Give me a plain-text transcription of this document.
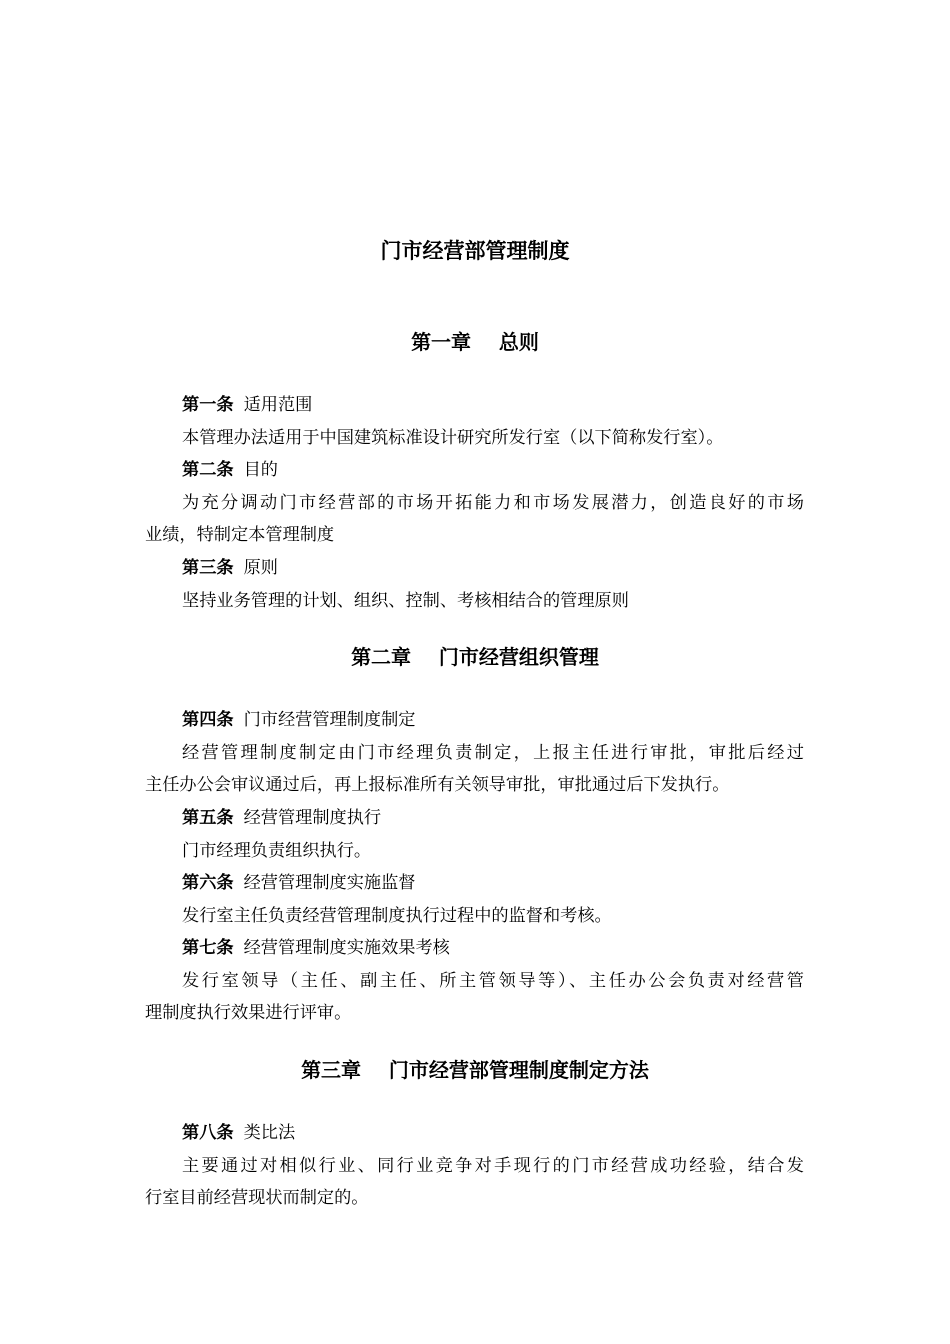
门市经营部管理制度
第一章    总则
第一条 适用范围
本管理办法适用于中国建筑标准设计研究所发行室（以下简称发行室）。
第二条 目的
为充分调动门市经营部的市场开拓能力和市场发展潜力，创造良好的市场
业绩，特制定本管理制度
第三条 原则
坚持业务管理的计划、组织、控制、考核相结合的管理原则
第二章    门市经营组织管理
第四条 门市经营管理制度制定
经营管理制度制定由门市经理负责制定，上报主任进行审批，审批后经过
主任办公会审议通过后，再上报标准所有关领导审批，审批通过后下发执行。
第五条 经营管理制度执行
门市经理负责组织执行。
第六条 经营管理制度实施监督
发行室主任负责经营管理制度执行过程中的监督和考核。
第七条 经营管理制度实施效果考核
发行室领导（主任、副主任、所主管领导等）、主任办公会负责对经营管
理制度执行效果进行评审。
第三章    门市经营部管理制度制定方法
第八条 类比法
主要通过对相似行业、同行业竞争对手现行的门市经营成功经验，结合发
行室目前经营现状而制定的。
